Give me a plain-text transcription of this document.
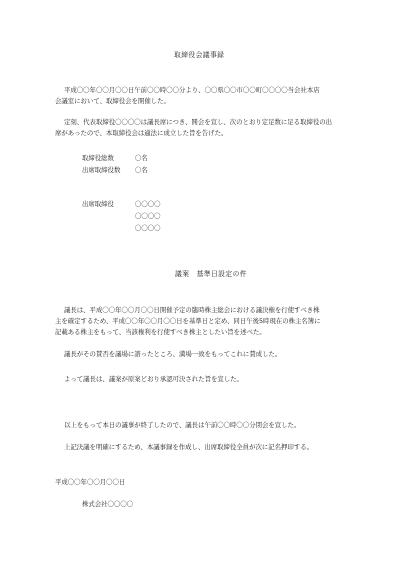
取締役会議事録
平成〇〇年〇〇月〇〇日午前〇〇時〇〇分より、〇〇県〇〇市〇〇町〇〇〇〇当会社本店
会議室において、取締役会を開催した。
定刻、代表取締役〇〇〇〇は議長席につき、開会を宣し、次のとおり定足数に足る取締役の出
席があったので、本取締役会は適法に成立した旨を告げた。
取締役総数	〇名
出席取締役数 〇名
出席取締役	〇〇〇〇
〇〇〇〇
〇〇〇〇
議案　基準日設定の件
議長は、平成〇〇年〇〇月〇〇日開催予定の臨時株主総会における議決権を行使すべき株
主を確定するため、平成〇〇年〇〇月〇〇日を基準日と定め、同日午後5時現在の株主名簿に
記載ある株主をもって、当該権利を行使すべき株主としたい旨を述べた。
議長がその賛否を議場に諮ったところ、満場一致をもってこれに賛成した。
よって議長は、議案が原案どおり承認可決された旨を宣した。
以上をもって本日の議事が終了したので、議長は午前〇〇時〇〇分閉会を宣した。
上記決議を明確にするため、本議事録を作成し、出席取締役全員が次に記名押印する。
平成〇〇年〇〇月〇〇日
株式会社〇〇〇〇
